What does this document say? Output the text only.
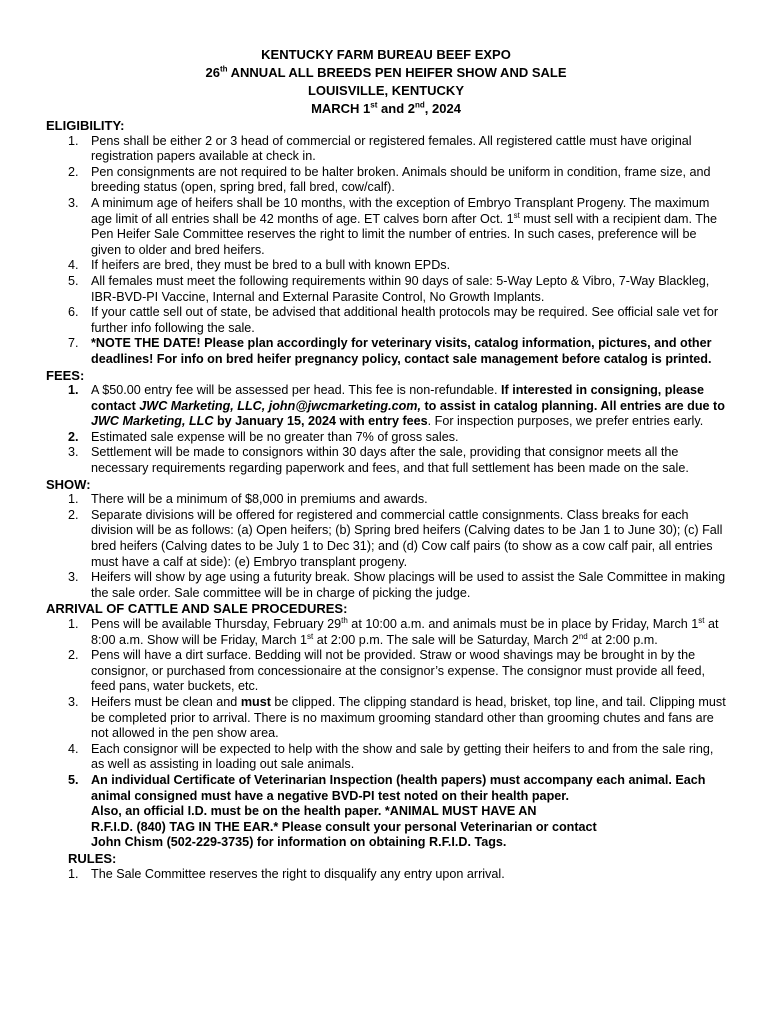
KENTUCKY FARM BUREAU BEEF EXPO
26th ANNUAL ALL BREEDS PEN HEIFER SHOW AND SALE
LOUISVILLE, KENTUCKY
MARCH 1st and 2nd, 2024
ELIGIBILITY:
1. Pens shall be either 2 or 3 head of commercial or registered females. All registered cattle must have original registration papers available at check in.
2. Pen consignments are not required to be halter broken. Animals should be uniform in condition, frame size, and breeding status (open, spring bred, fall bred, cow/calf).
3. A minimum age of heifers shall be 10 months, with the exception of Embryo Transplant Progeny. The maximum age limit of all entries shall be 42 months of age. ET calves born after Oct. 1st must sell with a recipient dam. The Pen Heifer Sale Committee reserves the right to limit the number of entries. In such cases, preference will be given to older and bred heifers.
4. If heifers are bred, they must be bred to a bull with known EPDs.
5. All females must meet the following requirements within 90 days of sale: 5-Way Lepto & Vibro, 7-Way Blackleg, IBR-BVD-PI Vaccine, Internal and External Parasite Control, No Growth Implants.
6. If your cattle sell out of state, be advised that additional health protocols may be required. See official sale vet for further info following the sale.
7. *NOTE THE DATE! Please plan accordingly for veterinary visits, catalog information, pictures, and other deadlines! For info on bred heifer pregnancy policy, contact sale management before catalog is printed.
FEES:
1. A $50.00 entry fee will be assessed per head. This fee is non-refundable. If interested in consigning, please contact JWC Marketing, LLC, john@jwcmarketing.com, to assist in catalog planning. All entries are due to JWC Marketing, LLC by January 15, 2024 with entry fees. For inspection purposes, we prefer entries early.
2. Estimated sale expense will be no greater than 7% of gross sales.
3. Settlement will be made to consignors within 30 days after the sale, providing that consignor meets all the necessary requirements regarding paperwork and fees, and that full settlement has been made on the sale.
SHOW:
1. There will be a minimum of $8,000 in premiums and awards.
2. Separate divisions will be offered for registered and commercial cattle consignments. Class breaks for each division will be as follows: (a) Open heifers; (b) Spring bred heifers (Calving dates to be Jan 1 to June 30); (c) Fall bred heifers (Calving dates to be July 1 to Dec 31); and (d) Cow calf pairs (to show as a cow calf pair, all entries must have a calf at side): (e) Embryo transplant progeny.
3. Heifers will show by age using a futurity break. Show placings will be used to assist the Sale Committee in making the sale order. Sale committee will be in charge of picking the judge.
ARRIVAL OF CATTLE AND SALE PROCEDURES:
1. Pens will be available Thursday, February 29th at 10:00 a.m. and animals must be in place by Friday, March 1st at 8:00 a.m. Show will be Friday, March 1st at 2:00 p.m. The sale will be Saturday, March 2nd at 2:00 p.m.
2. Pens will have a dirt surface. Bedding will not be provided. Straw or wood shavings may be brought in by the consignor, or purchased from concessionaire at the consignor’s expense. The consignor must provide all feed, feed pans, water buckets, etc.
3. Heifers must be clean and must be clipped. The clipping standard is head, brisket, top line, and tail. Clipping must be completed prior to arrival. There is no maximum grooming standard other than grooming chutes and fans are not allowed in the pen show area.
4. Each consignor will be expected to help with the show and sale by getting their heifers to and from the sale ring, as well as assisting in loading out sale animals.
5. An individual Certificate of Veterinarian Inspection (health papers) must accompany each animal. Each animal consigned must have a negative BVD-PI test noted on their health paper.
Also, an official I.D. must be on the health paper. *ANIMAL MUST HAVE AN
R.F.I.D. (840) TAG IN THE EAR.* Please consult your personal Veterinarian or contact
John Chism (502-229-3735) for information on obtaining R.F.I.D. Tags.
RULES:
1. The Sale Committee reserves the right to disqualify any entry upon arrival.
